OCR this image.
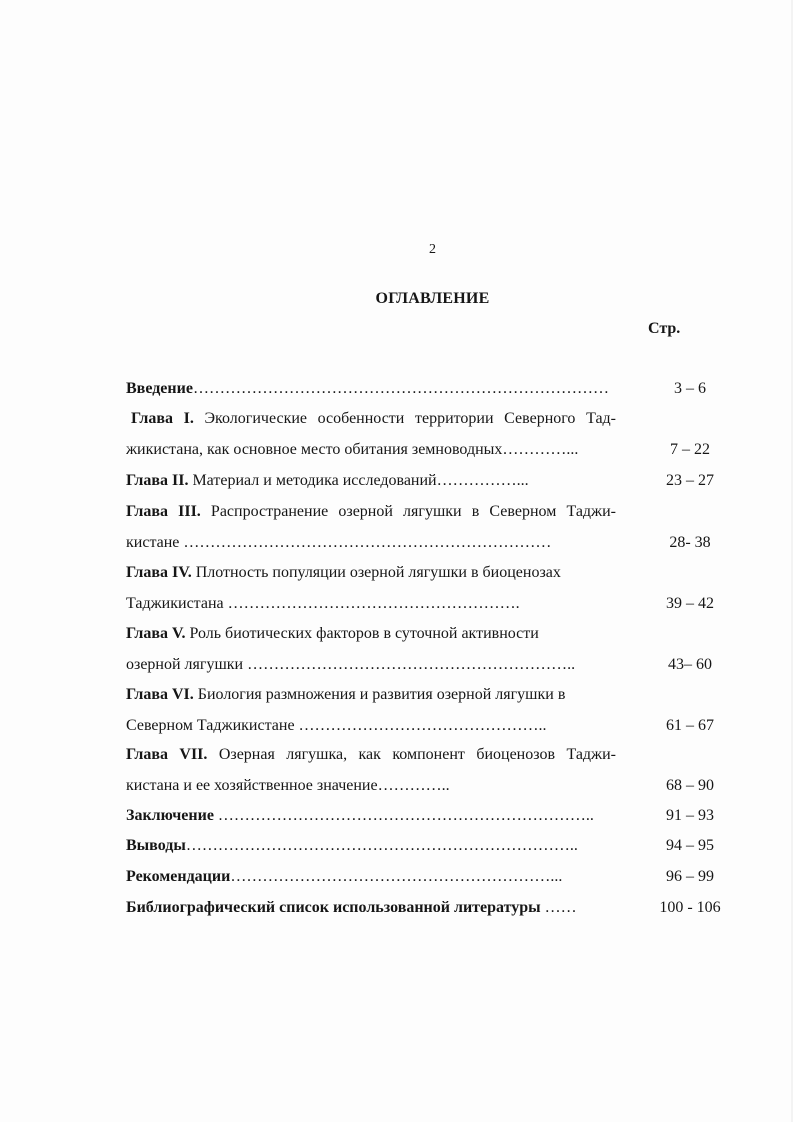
2
ОГЛАВЛЕНИЕ
Стр.
Введение……………………………………………………………………	3 – 6
Глава I. Экологические особенности территории Северного Тад-
жикистана, как основное место обитания земноводных…………...	7 – 22
Глава II. Материал и методика исследований……………...	23 – 27
Глава III. Распространение озерной лягушки в Северном Таджи-
кистане ……………………………………………………………	28- 38
Глава IV. Плотность популяции озерной лягушки в биоценозах
Таджикистана ……………………………………………….	39 – 42
Глава V. Роль биотических факторов в суточной активности
озерной лягушки ……………………………………………………..	43– 60
Глава VI. Биология размножения и развития озерной лягушки в
Северном Таджикистане ………………………………………..	61 – 67
Глава VII. Озерная лягушка, как компонент биоценозов Таджи-
кистана и ее хозяйственное значение…………..	68 – 90
Заключение ……………………………………………………………..	91 – 93
Выводы………………………………………………………………..	94 – 95
Рекомендации……………………………………………………...	96 – 99
Библиографический список использованной литературы ……	100 - 106
